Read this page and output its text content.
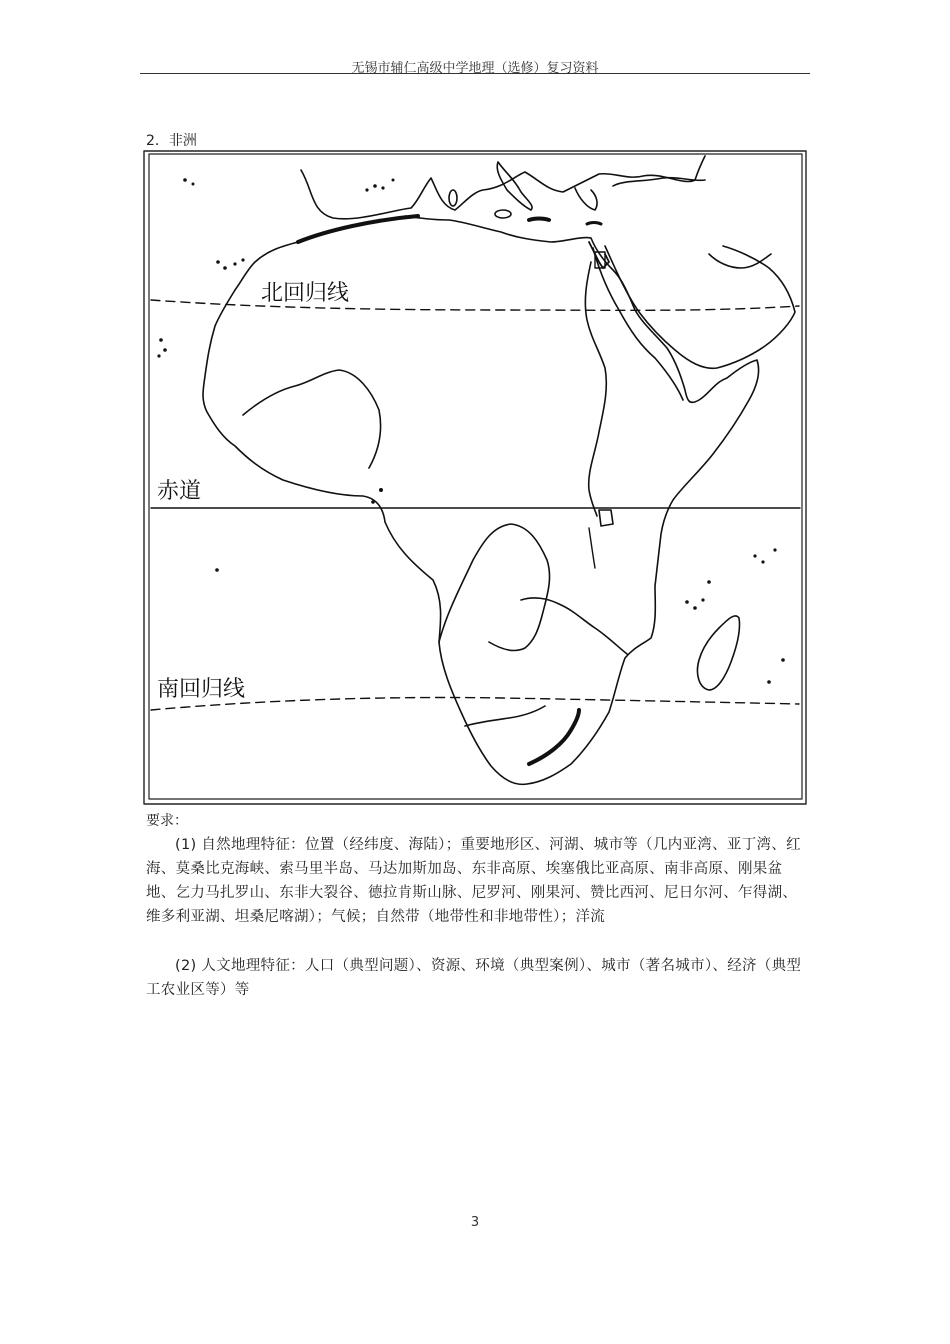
无锡市辅仁高级中学地理（选修）复习资料
2．非洲
北回归线
赤道
南回归线
要求：
(1) 自然地理特征：位置（经纬度、海陆）；重要地形区、河湖、城市等（几内亚湾、亚丁湾、红海、莫桑比克海峡、索马里半岛、马达加斯加岛、东非高原、埃塞俄比亚高原、南非高原、刚果盆地、乞力马扎罗山、东非大裂谷、德拉肯斯山脉、尼罗河、刚果河、赞比西河、尼日尔河、乍得湖、维多利亚湖、坦桑尼喀湖）；气候；自然带（地带性和非地带性）；洋流
(2) 人文地理特征：人口（典型问题）、资源、环境（典型案例）、城市（著名城市）、经济（典型工农业区等）等
3
